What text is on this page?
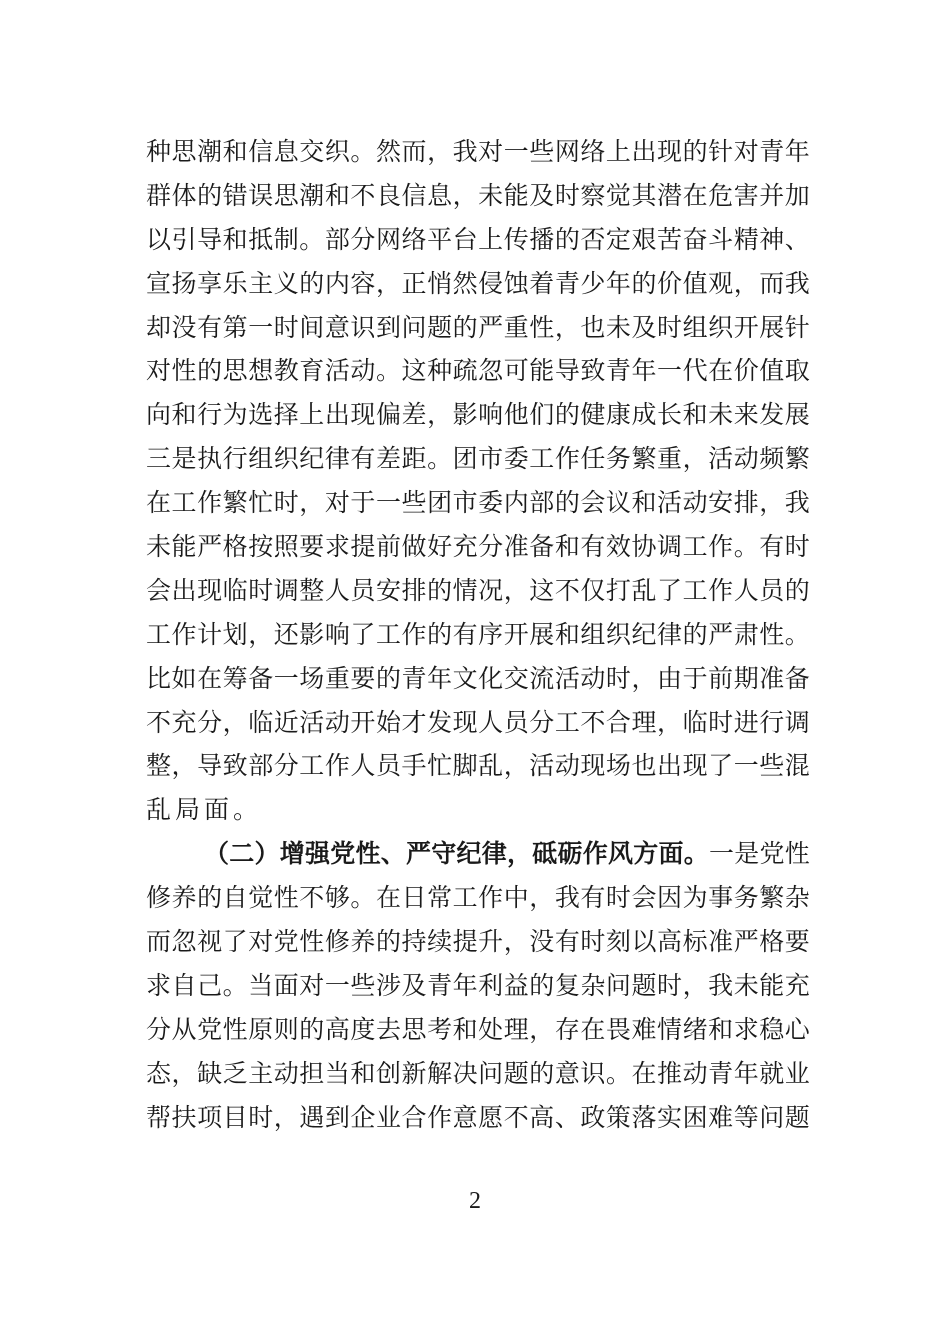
种思潮和信息交织。然而，我对一些网络上出现的针对青年
群体的错误思潮和不良信息，未能及时察觉其潜在危害并加
以引导和抵制。部分网络平台上传播的否定艰苦奋斗精神、
宣扬享乐主义的内容，正悄然侵蚀着青少年的价值观，而我
却没有第一时间意识到问题的严重性，也未及时组织开展针
对性的思想教育活动。这种疏忽可能导致青年一代在价值取
向和行为选择上出现偏差，影响他们的健康成长和未来发展
三是执行组织纪律有差距。团市委工作任务繁重，活动频繁
在工作繁忙时，对于一些团市委内部的会议和活动安排，我
未能严格按照要求提前做好充分准备和有效协调工作。有时
会出现临时调整人员安排的情况，这不仅打乱了工作人员的
工作计划，还影响了工作的有序开展和组织纪律的严肃性。
比如在筹备一场重要的青年文化交流活动时，由于前期准备
不充分，临近活动开始才发现人员分工不合理，临时进行调
整，导致部分工作人员手忙脚乱，活动现场也出现了一些混
乱局面。
（二）增强党性、严守纪律，砥砺作风方面。一是党性
修养的自觉性不够。在日常工作中，我有时会因为事务繁杂
而忽视了对党性修养的持续提升，没有时刻以高标准严格要
求自己。当面对一些涉及青年利益的复杂问题时，我未能充
分从党性原则的高度去思考和处理，存在畏难情绪和求稳心
态，缺乏主动担当和创新解决问题的意识。在推动青年就业
帮扶项目时，遇到企业合作意愿不高、政策落实困难等问题
2
